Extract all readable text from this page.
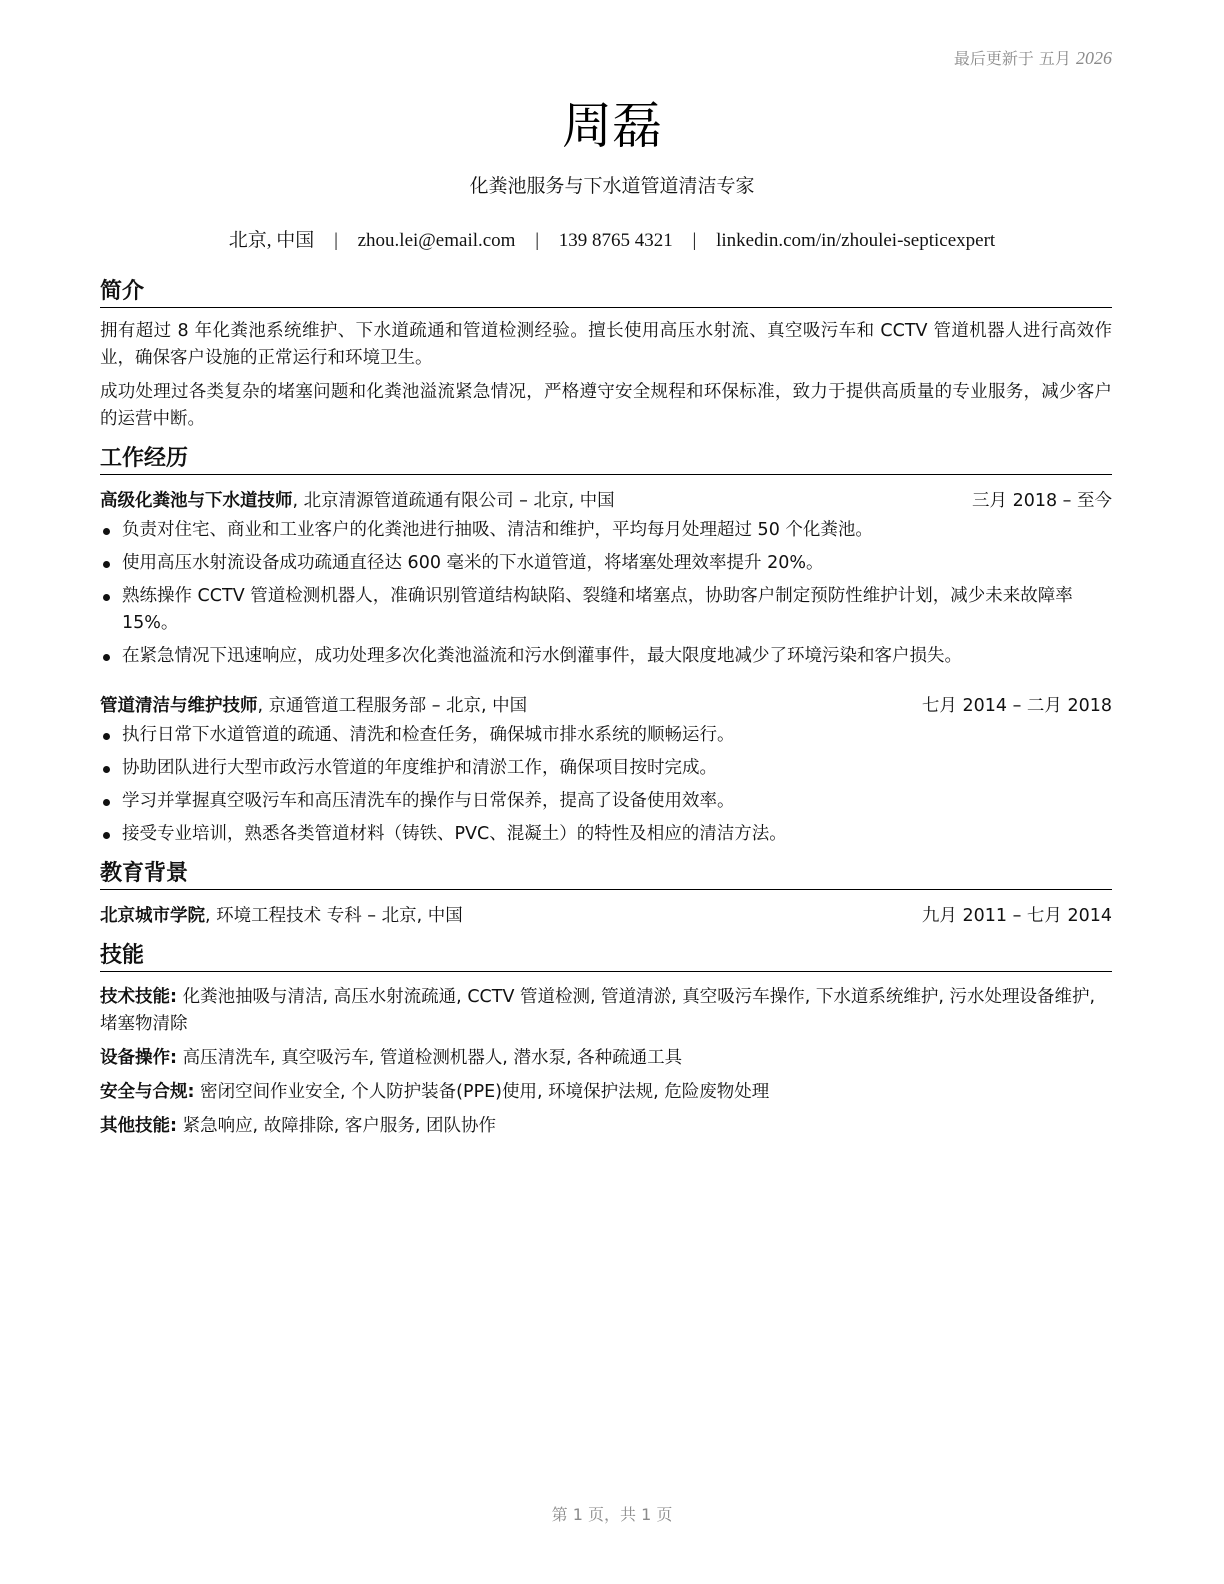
最后更新于 五月 2026
周磊
化粪池服务与下水道管道清洁专家
北京, 中国 | zhou.lei@email.com | 139 8765 4321 | linkedin.com/in/zhoulei-septicexpert
简介

拥有超过 8 年化粪池系统维护、下水道疏通和管道检测经验。擅长使用高压水射流、真空吸污车和 CCTV 管道机器人进行高效作业，确保客户设施的正常运行和环境卫生。

成功处理过各类复杂的堵塞问题和化粪池溢流紧急情况，严格遵守安全规程和环保标准，致力于提供高质量的专业服务，减少客户的运营中断。

工作经历
高级化粪池与下水道技师, 北京清源管道疏通有限公司 – 北京, 中国	三月 2018 – 至今
负责对住宅、商业和工业客户的化粪池进行抽吸、清洁和维护，平均每月处理超过 50 个化粪池。
使用高压水射流设备成功疏通直径达 600 毫米的下水道管道，将堵塞处理效率提升 20%。
熟练操作 CCTV 管道检测机器人，准确识别管道结构缺陷、裂缝和堵塞点，协助客户制定预防性维护计划，减少未来故障率 15%。
在紧急情况下迅速响应，成功处理多次化粪池溢流和污水倒灌事件，最大限度地减少了环境污染和客户损失。
管道清洁与维护技师, 京通管道工程服务部 – 北京, 中国	七月 2014 – 二月 2018
执行日常下水道管道的疏通、清洗和检查任务，确保城市排水系统的顺畅运行。
协助团队进行大型市政污水管道的年度维护和清淤工作，确保项目按时完成。
学习并掌握真空吸污车和高压清洗车的操作与日常保养，提高了设备使用效率。
接受专业培训，熟悉各类管道材料（铸铁、PVC、混凝土）的特性及相应的清洁方法。
教育背景
北京城市学院, 环境工程技术 专科 – 北京, 中国	九月 2011 – 七月 2014
技能
技术技能: 化粪池抽吸与清洁, 高压水射流疏通, CCTV 管道检测, 管道清淤, 真空吸污车操作, 下水道系统维护, 污水处理设备维护, 堵塞物清除
设备操作: 高压清洗车, 真空吸污车, 管道检测机器人, 潜水泵, 各种疏通工具
安全与合规: 密闭空间作业安全, 个人防护装备(PPE)使用, 环境保护法规, 危险废物处理
其他技能: 紧急响应, 故障排除, 客户服务, 团队协作
第 1 页，共 1 页
